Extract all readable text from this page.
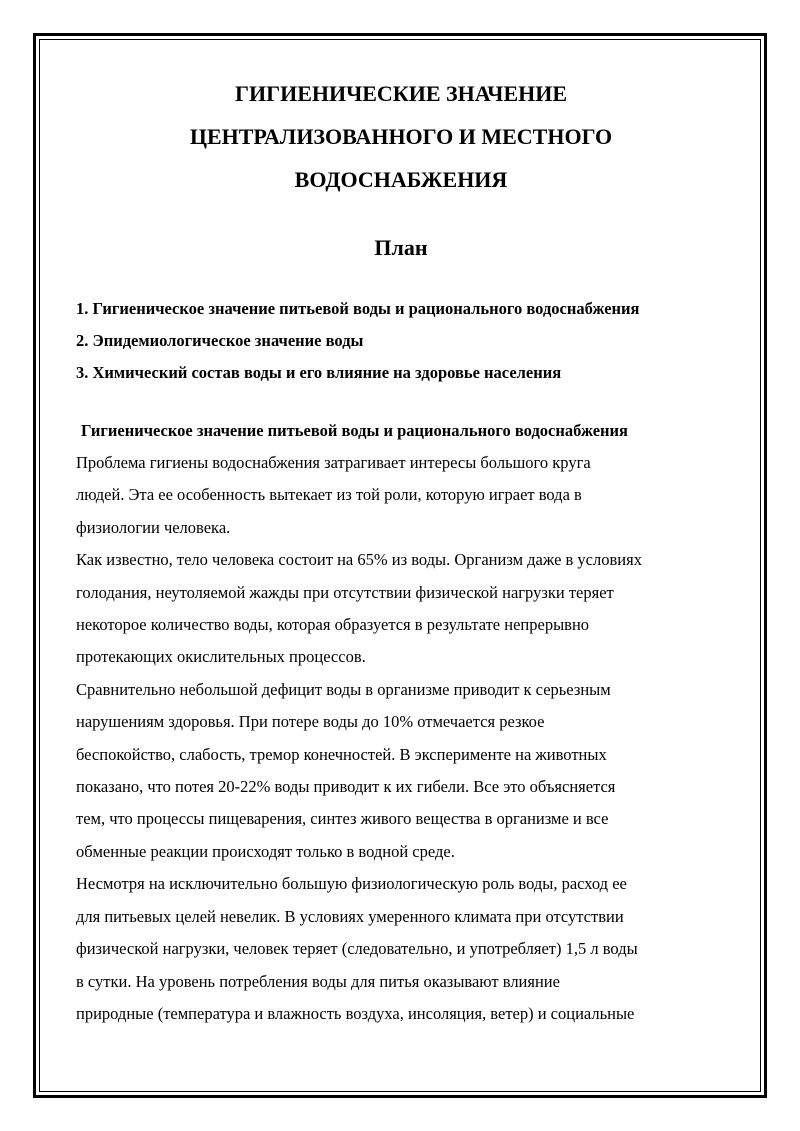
ГИГИЕНИЧЕСКИЕ ЗНАЧЕНИЕ
ЦЕНТРАЛИЗОВАННОГО И МЕСТНОГО
ВОДОСНАБЖЕНИЯ
План
1. Гигиеническое значение питьевой воды и рационального водоснабжения
2. Эпидемиологическое значение воды
3. Химический состав воды и его влияние на здоровье населения
Гигиеническое значение питьевой воды и рационального водоснабжения

Проблема гигиены водоснабжения затрагивает интересы большого круга
людей. Эта ее особенность вытекает из той роли, которую играет вода в
физиологии человека.

Как известно, тело человека состоит на 65% из воды. Организм даже в условиях
голодания, неутоляемой жажды при отсутствии физической нагрузки теряет
некоторое количество воды, которая образуется в результате непрерывно
протекающих окислительных процессов.

Сравнительно небольшой дефицит воды в организме приводит к серьезным
нарушениям здоровья. При потере воды до 10% отмечается резкое
беспокойство, слабость, тремор конечностей. В эксперименте на животных
показано, что потея 20-22% воды приводит к их гибели. Все это объясняется
тем, что процессы пищеварения, синтез живого вещества в организме и все
обменные реакции происходят только в водной среде.

Несмотря на исключительно большую физиологическую роль воды, расход ее
для питьевых целей невелик. В условиях умеренного климата при отсутствии
физической нагрузки, человек теряет (следовательно, и употребляет) 1,5 л воды
в сутки. На уровень потребления воды для питья оказывают влияние
природные (температура и влажность воздуха, инсоляция, ветер) и социальные
